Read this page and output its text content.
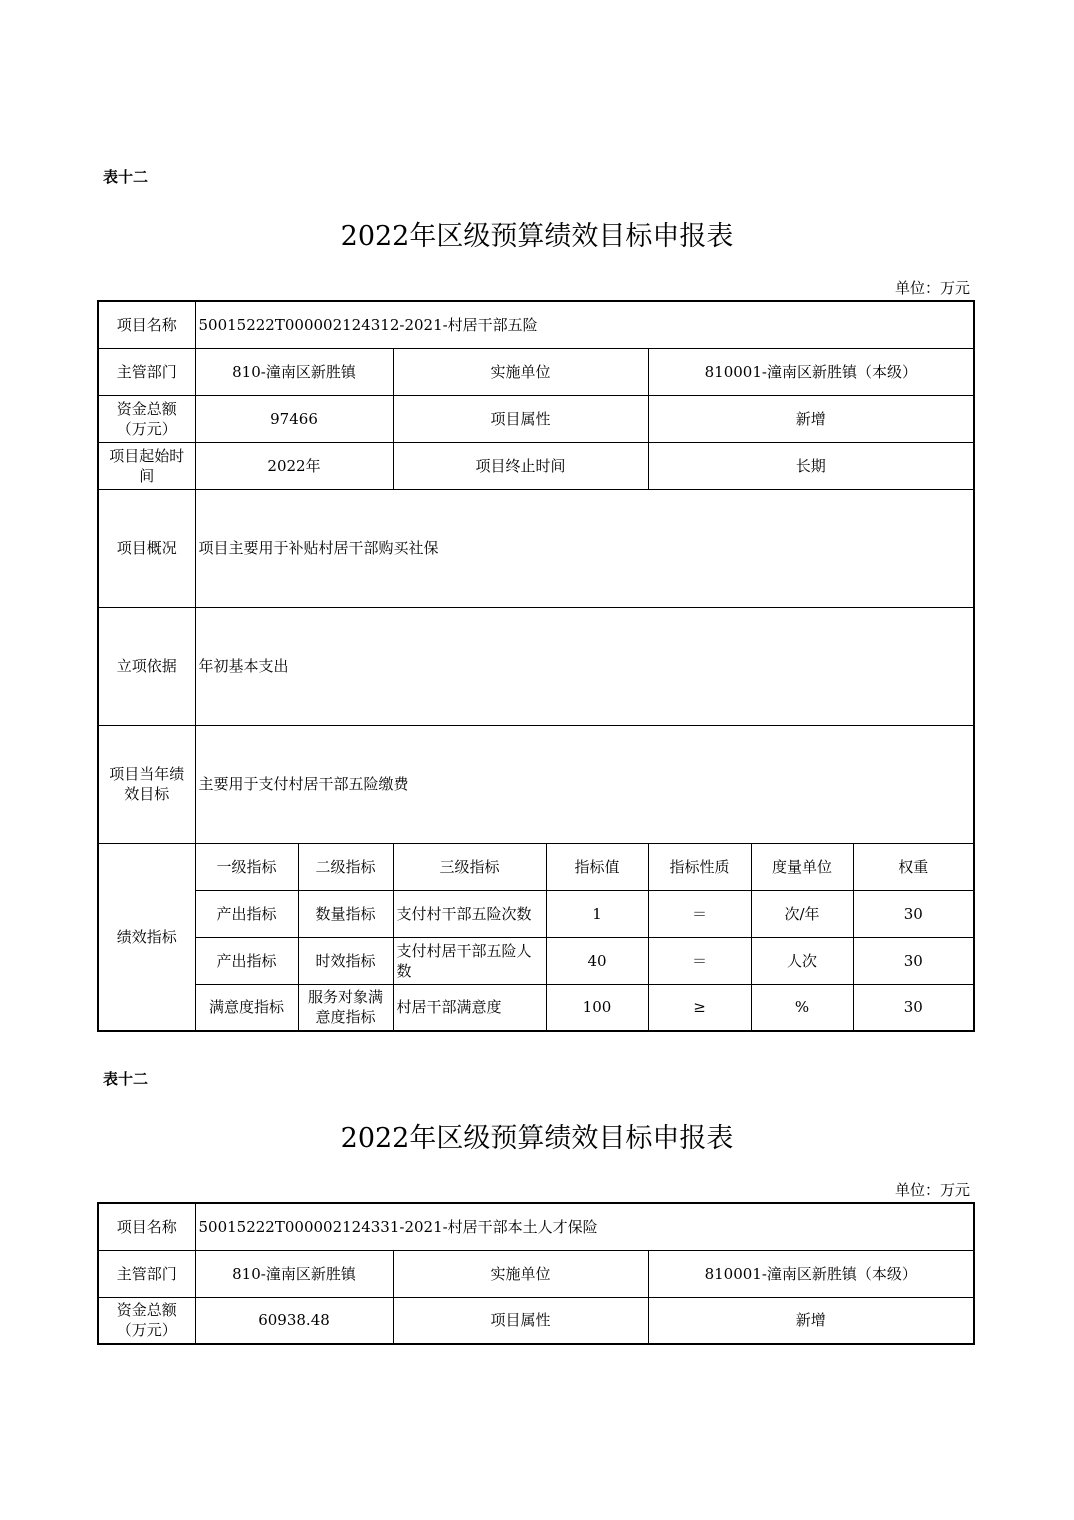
表十二
2022年区级预算绩效目标申报表
单位：万元
项目名称	50015222T000002124312-2021-村居干部五险						
主管部门	810-潼南区新胜镇		实施单位		810001-潼南区新胜镇（本级）		
资金总额（万元）	97466		项目属性		新增		
项目起始时间	2022年		项目终止时间		长期		
项目概况	项目主要用于补贴村居干部购买社保						
立项依据	年初基本支出						
项目当年绩效目标	主要用于支付村居干部五险缴费						
绩效指标	一级指标	二级指标	三级指标	指标值	指标性质	度量单位	权重
	产出指标	数量指标	支付村干部五险次数	1	＝	次/年	30
	产出指标	时效指标	支付村居干部五险人数	40	＝	人次	30
	满意度指标	服务对象满意度指标	村居干部满意度	100	≥	%	30
表十二
2022年区级预算绩效目标申报表
单位：万元
项目名称	50015222T000002124331-2021-村居干部本土人才保险		
主管部门	810-潼南区新胜镇	实施单位	810001-潼南区新胜镇（本级）
资金总额（万元）	60938.48	项目属性	新增
